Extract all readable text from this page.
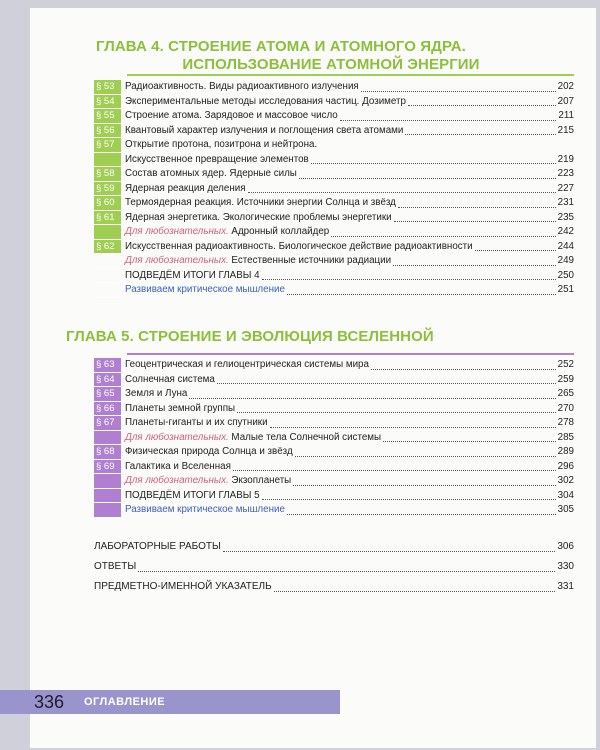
ГЛАВА 4. СТРОЕНИЕ АТОМА И АТОМНОГО ЯДРА.
ИСПОЛЬЗОВАНИЕ АТОМНОЙ ЭНЕРГИИ
§ 53	Радиоактивность. Виды радиоактивного излучения	202
§ 54	Экспериментальные методы исследования частиц. Дозиметр	207
§ 55	Строение атома. Зарядовое и массовое число	211
§ 56	Квантовый характер излучения и поглощения света атомами	215
§ 57	Открытие протона, позитрона и нейтрона.
Искусственное превращение элементов	219
§ 58	Состав атомных ядер. Ядерные силы	223
§ 59	Ядерная реакция деления	227
§ 60	Термоядерная реакция. Источники энергии Солнца и звёзд	231
§ 61	Ядерная энергетика. Экологические проблемы энергетики	235
Для любознательных. Адронный коллайдер	242
§ 62	Искусственная радиоактивность. Биологическое действие радиоактивности	244
Для любознательных. Естественные источники радиации	249
ПОДВЕДЁМ ИТОГИ ГЛАВЫ 4	250
Развиваем критическое мышление	251
ГЛАВА 5. СТРОЕНИЕ И ЭВОЛЮЦИЯ ВСЕЛЕННОЙ
§ 63	Геоцентрическая и гелиоцентрическая системы мира	252
§ 64	Солнечная система	259
§ 65	Земля и Луна	265
§ 66	Планеты земной группы	270
§ 67	Планеты-гиганты и их спутники	278
Для любознательных. Малые тела Солнечной системы	285
§ 68	Физическая природа Солнца и звёзд	289
§ 69	Галактика и Вселенная	296
Для любознательных. Экзопланеты	302
ПОДВЕДЁМ ИТОГИ ГЛАВЫ 5	304
Развиваем критическое мышление	305
ЛАБОРАТОРНЫЕ РАБОТЫ	306
ОТВЕТЫ	330
ПРЕДМЕТНО-ИМЕННОЙ УКАЗАТЕЛЬ	331
336 ОГЛАВЛЕНИЕ
